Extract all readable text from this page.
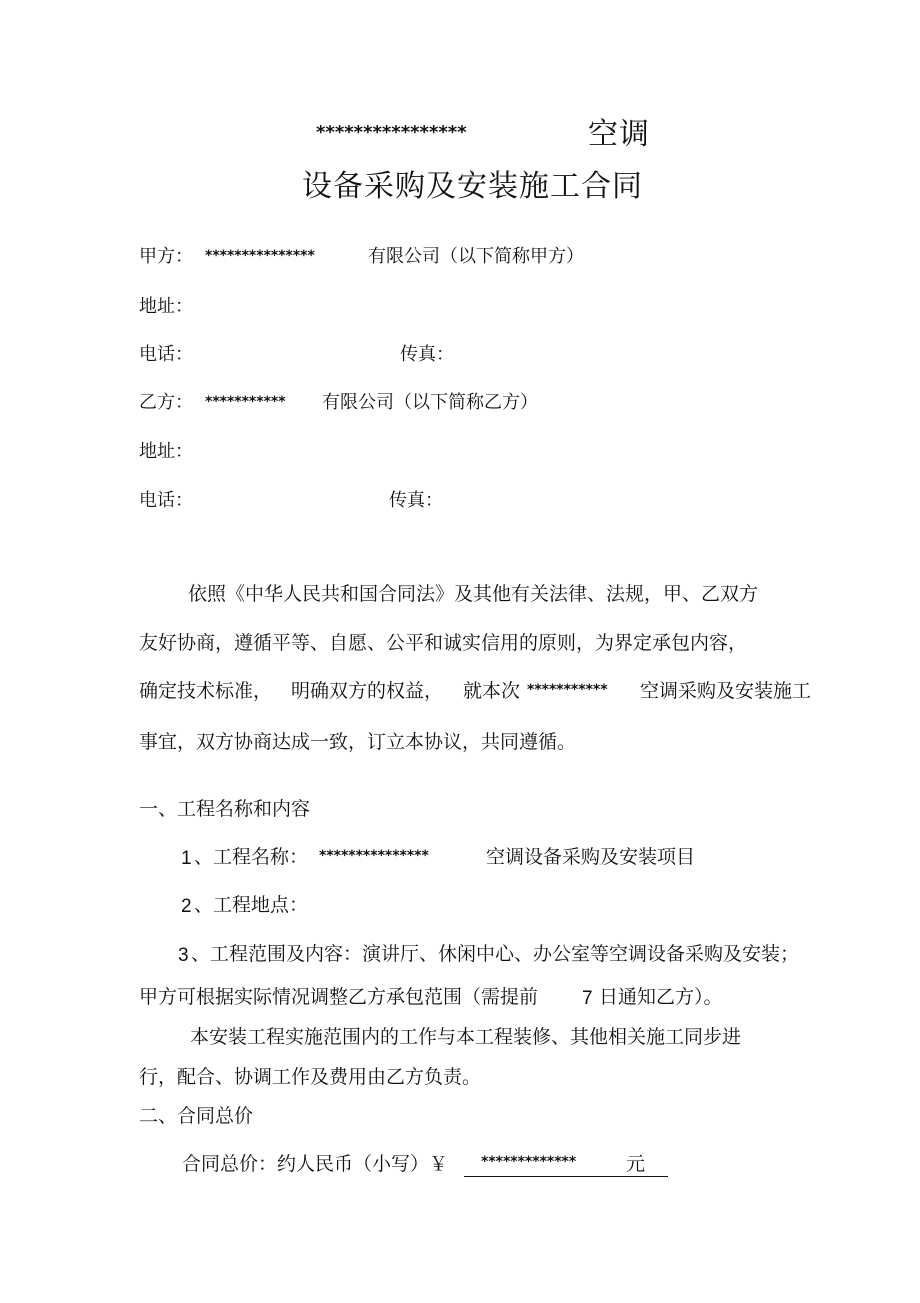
****************	空调
设备采购及安装施工合同
甲方： ***************	有限公司（以下简称甲方）
地址：
电话：	传真：
乙方： *********** 有限公司（以下简称乙方）
地址：
电话：	传真：
依照《中华人民共和国合同法》及其他有关法律、法规，甲、乙双方
友好协商，遵循平等、自愿、公平和诚实信用的原则，为界定承包内容，
确定技术标准， 明确双方的权益， 就本次 *********** 空调采购及安装施工
事宜，双方协商达成一致，订立本协议，共同遵循。
一、工程名称和内容
1 、工程名称： ***************	空调设备采购及安装项目
2 、工程地点：
3 、工程范围及内容：演讲厅、休闲中心、办公室等空调设备采购及安装；
甲方可根据实际情况调整乙方承包范围（需提前 7 日通知乙方）。
本安装工程实施范围内的工作与本工程装修、其他相关施工同步进
行，配合、协调工作及费用由乙方负责。
二、合同总价
合同总价：约人民币（小写）￥ *************	元
